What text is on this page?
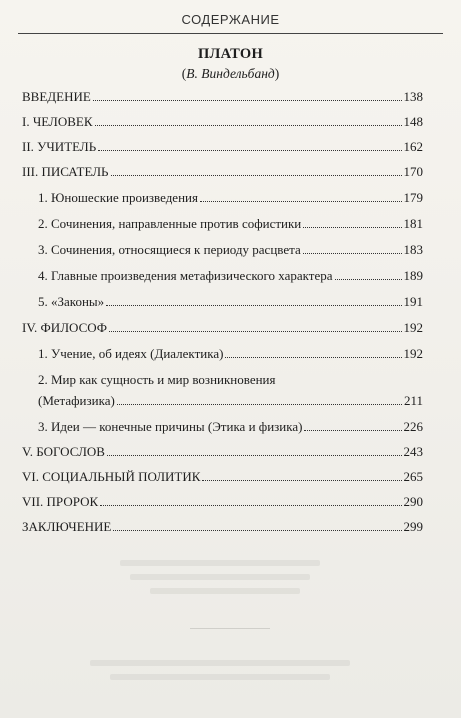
СОДЕРЖАНИЕ
ПЛАТОН
(В. Виндельбанд)
ВВЕДЕНИЕ	138
I. ЧЕЛОВЕК	148
II. УЧИТЕЛЬ	162
III. ПИСАТЕЛЬ	170
1. Юношеские произведения	179
2. Сочинения, направленные против софистики	181
3. Сочинения, относящиеся к периоду расцвета	183
4. Главные произведения метафизического характера	189
5. «Законы»	191
IV. ФИЛОСОФ	192
1. Учение, об идеях (Диалектика)	192
2. Мир как сущность и мир возникновения
(Метафизика)	211
3. Идеи — конечные причины (Этика и физика)	226
V. БОГОСЛОВ	243
VI. СОЦИАЛЬНЫЙ ПОЛИТИК	265
VII. ПРОРОК	290
ЗАКЛЮЧЕНИЕ	299
